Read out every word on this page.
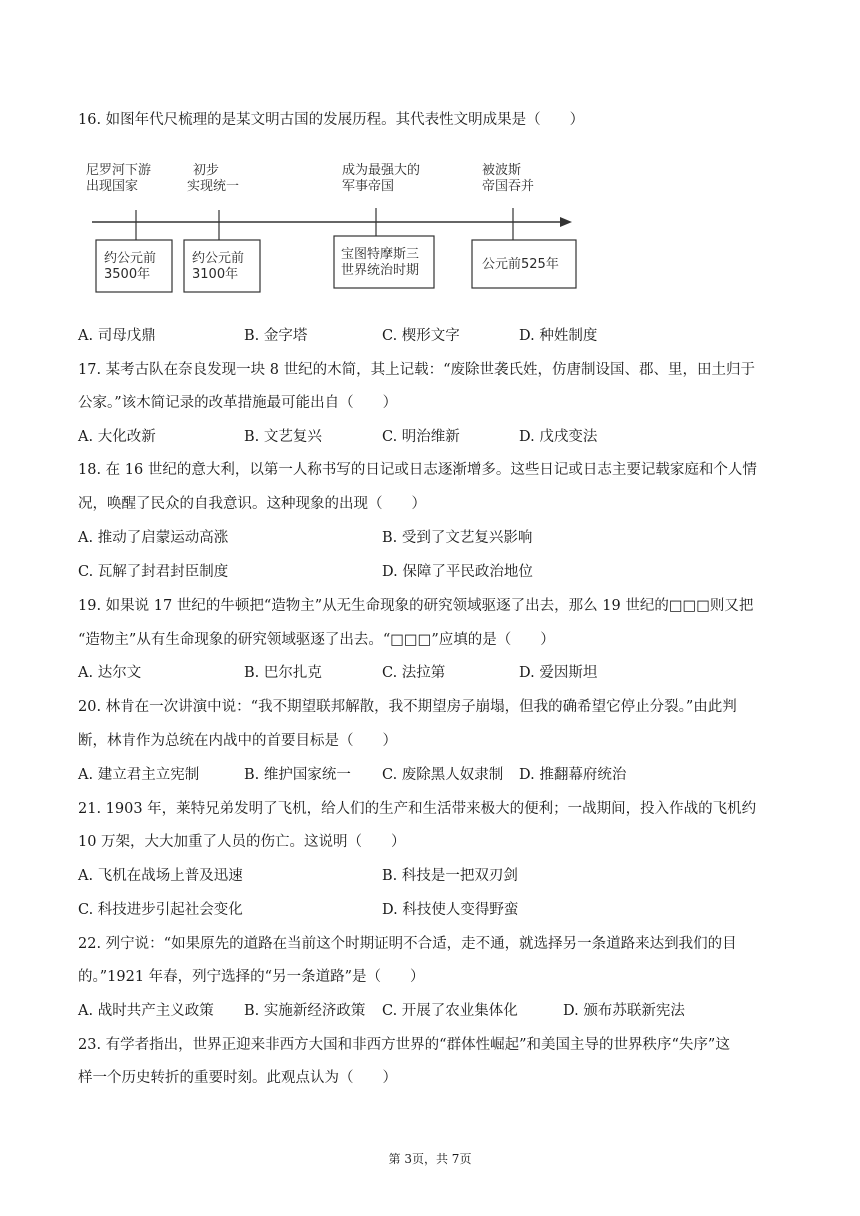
16. 如图年代尺梳理的是某文明古国的发展历程。其代表性文明成果是（　　）
尼罗河下游
出现国家
初步
实现统一
成为最强大的
军事帝国
被波斯
帝国吞并
约公元前
3500年
约公元前
3100年
宝图特摩斯三
世界统治时期	公元前525年
A. 司母戊鼎	B. 金字塔	C. 楔形文字	D. 种姓制度
17. 某考古队在奈良发现一块 8 世纪的木简，其上记载：“废除世袭氏姓，仿唐制设国、郡、里，田土归于
公家。”该木简记录的改革措施最可能出自（　　）
A. 大化改新	B. 文艺复兴	C. 明治维新	D. 戊戌变法
18. 在 16 世纪的意大利，以第一人称书写的日记或日志逐渐增多。这些日记或日志主要记载家庭和个人情
况，唤醒了民众的自我意识。这种现象的出现（　　）
A. 推动了启蒙运动高涨	B. 受到了文艺复兴影响
C. 瓦解了封君封臣制度	D. 保障了平民政治地位
19. 如果说 17 世纪的牛顿把“造物主”从无生命现象的研究领域驱逐了出去，那么 19 世纪的□□□则又把
“造物主”从有生命现象的研究领域驱逐了出去。“□□□”应填的是（　　）
A. 达尔文	B. 巴尔扎克	C. 法拉第	D. 爱因斯坦
20. 林肯在一次讲演中说：“我不期望联邦解散，我不期望房子崩塌，但我的确希望它停止分裂。”由此判
断，林肯作为总统在内战中的首要目标是（　　）
A. 建立君主立宪制	B. 维护国家统一 C. 废除黑人奴隶制 D. 推翻幕府统治
21. 1903 年，莱特兄弟发明了飞机，给人们的生产和生活带来极大的便利；一战期间，投入作战的飞机约
10 万架，大大加重了人员的伤亡。这说明（　　）
A. 飞机在战场上普及迅速	B. 科技是一把双刃剑
C. 科技进步引起社会变化	D. 科技使人变得野蛮
22. 列宁说：“如果原先的道路在当前这个时期证明不合适，走不通，就选择另一条道路来达到我们的目
的。”1921 年春，列宁选择的“另一条道路”是（　　）
A. 战时共产主义政策 B. 实施新经济政策 C. 开展了农业集体化	D. 颁布苏联新宪法
23. 有学者指出，世界正迎来非西方大国和非西方世界的“群体性崛起”和美国主导的世界秩序“失序”这
样一个历史转折的重要时刻。此观点认为（　　）
第 3页，共 7页
